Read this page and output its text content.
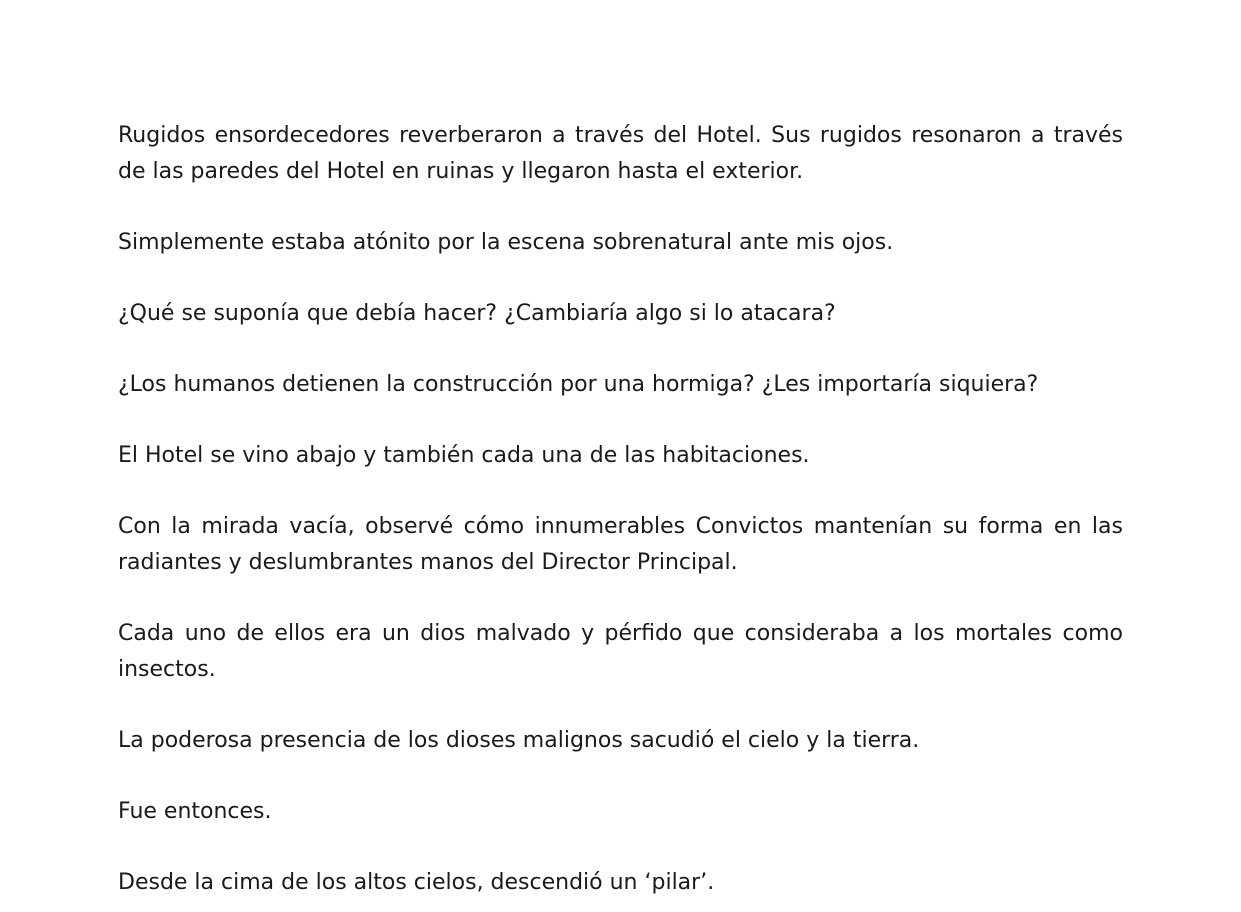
Rugidos ensordecedores reverberaron a través del Hotel. Sus rugidos resonaron a través de las paredes del Hotel en ruinas y llegaron hasta el exterior.

Simplemente estaba atónito por la escena sobrenatural ante mis ojos.

¿Qué se suponía que debía hacer? ¿Cambiaría algo si lo atacara?

¿Los humanos detienen la construcción por una hormiga? ¿Les importaría siquiera?

El Hotel se vino abajo y también cada una de las habitaciones.

Con la mirada vacía, observé cómo innumerables Convictos mantenían su forma en las radiantes y deslumbrantes manos del Director Principal.

Cada uno de ellos era un dios malvado y pérfido que consideraba a los mortales como insectos.

La poderosa presencia de los dioses malignos sacudió el cielo y la tierra.

Fue entonces.

Desde la cima de los altos cielos, descendió un ‘pilar’.
